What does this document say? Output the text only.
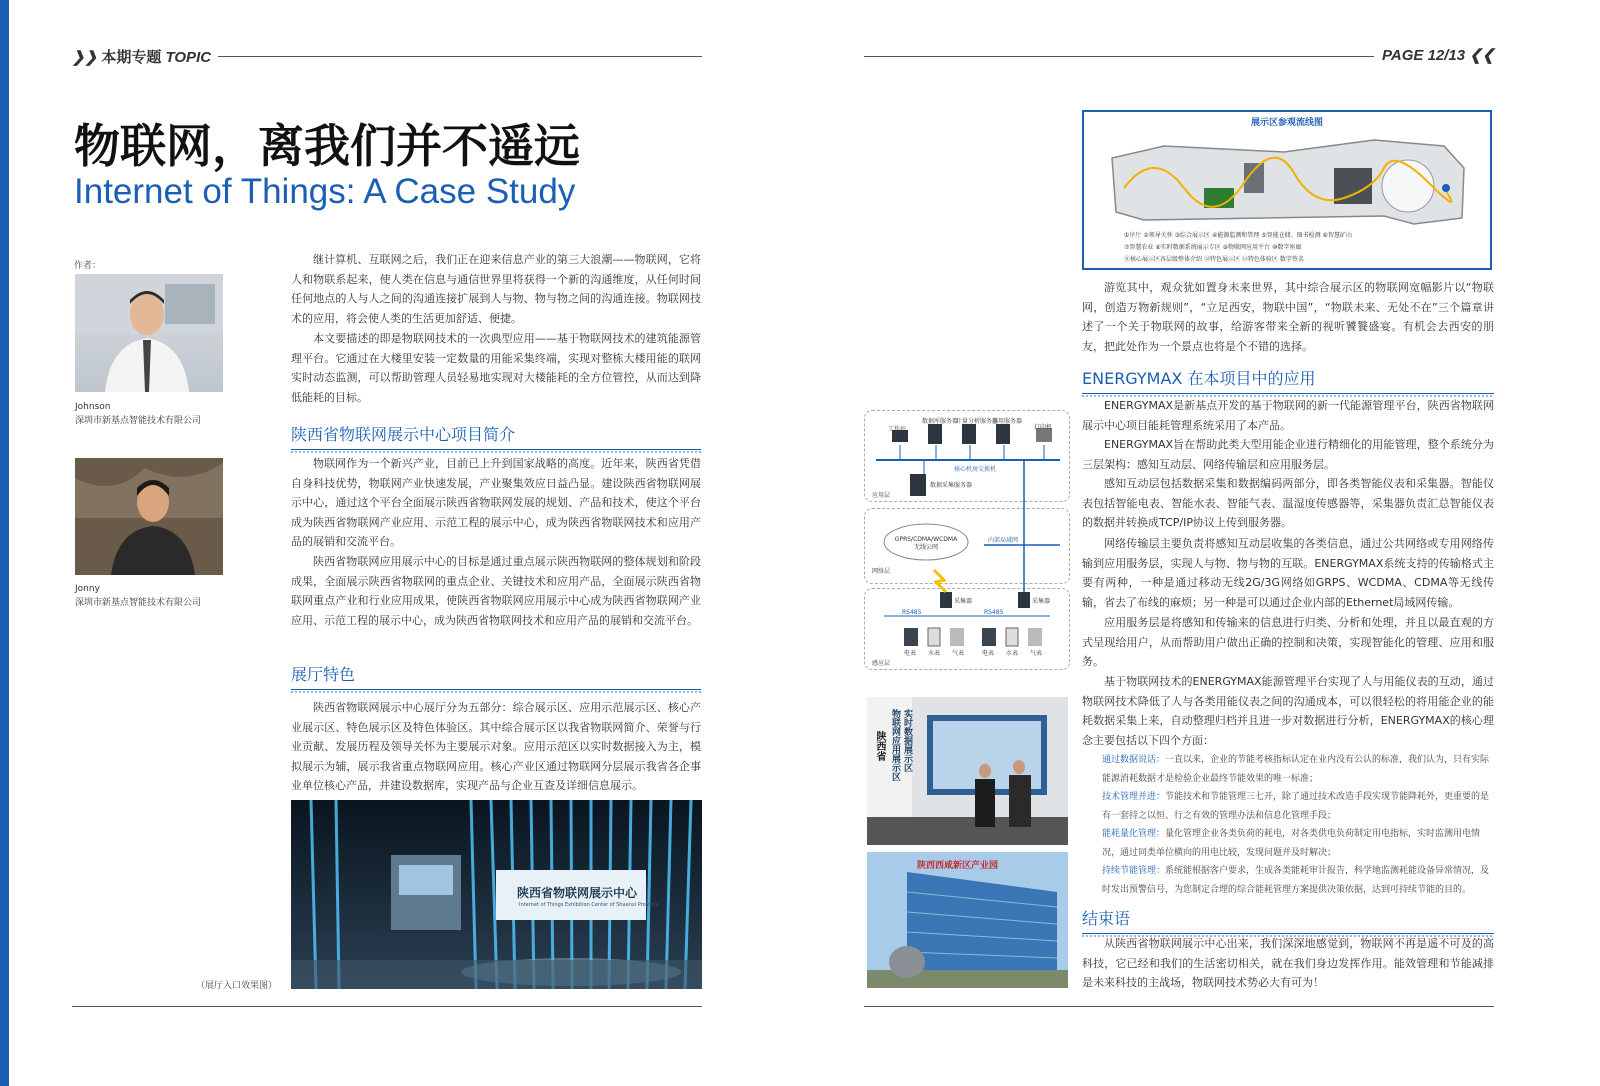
❯❯ 本期专题 TOPIC	PAGE 12/13 ❮❮
物联网，离我们并不遥远
Internet of Things: A Case Study
作者：
Johnson
深圳市新基点智能技术有限公司
Jonny
深圳市新基点智能技术有限公司
继计算机、互联网之后，我们正在迎来信息产业的第三大浪潮——物联网，它将人和物联系起来，使人类在信息与通信世界里将获得一个新的沟通维度，从任何时间任何地点的人与人之间的沟通连接扩展到人与物、物与物之间的沟通连接。物联网技术的应用，将会使人类的生活更加舒适、便捷。
本文要描述的即是物联网技术的一次典型应用——基于物联网技术的建筑能源管理平台。它通过在大楼里安装一定数量的用能采集终端，实现对整栋大楼用能的联网实时动态监测，可以帮助管理人员轻易地实现对大楼能耗的全方位管控，从而达到降低能耗的目标。
陕西省物联网展示中心项目简介
物联网作为一个新兴产业，目前已上升到国家战略的高度。近年来，陕西省凭借自身科技优势，物联网产业快速发展，产业聚集效应日益凸显。建设陕西省物联网展示中心，通过这个平台全面展示陕西省物联网发展的规划、产品和技术，使这个平台成为陕西省物联网产业应用、示范工程的展示中心，成为陕西省物联网技术和应用产品的展销和交流平台。
陕西省物联网应用展示中心的目标是通过重点展示陕西物联网的整体规划和阶段成果，全面展示陕西省物联网的重点企业、关键技术和应用产品，全面展示陕西省物联网重点产业和行业应用成果，使陕西省物联网应用展示中心成为陕西省物联网产业应用、示范工程的展示中心，成为陕西省物联网技术和应用产品的展销和交流平台。
展厅特色
陕西省物联网展示中心展厅分为五部分：综合展示区、应用示范展示区、核心产业展示区、特色展示区及特色体验区。其中综合展示区以我省物联网简介、荣誉与行业贡献、发展历程及领导关怀为主要展示对象。应用示范区以实时数据接入为主，模拟展示为辅，展示我省重点物联网应用。核心产业区通过物联网分层展示我省各企事业单位核心产品，并建设数据库，实现产品与企业互查及详细信息展示。
陕西省物联网展示中心
Internet of Things Exhibition Center of Shaanxi Province
（展厅入口效果图）
展示区参观流线图
①序厅 ②领导关怀 ③综合展示区 ④能源监测和管理 ⑤智能仓储、图书检测 ⑥智慧矿山
⑦智慧农业 ⑧实时数据系统展示专区 ⑨物联网应用平台 ⑩数字座廊
⑪核心展示区各层级整体介绍 ⑫特色展示区 ⑬特色体验区 数字签名
游览其中，观众犹如置身未来世界，其中综合展示区的物联网宽幅影片以“物联网，创造万物新规则”，“立足西安，物联中国”，“物联未来、无处不在”三个篇章讲述了一个关于物联网的故事，给游客带来全新的视听饕餮盛宴。有机会去西安的朋友，把此处作为一个景点也将是个不错的选择。
ENERGYMAX 在本项目中的应用
ENERGYMAX是新基点开发的基于物联网的新一代能源管理平台，陕西省物联网展示中心项目能耗管理系统采用了本产品。
ENERGYMAX旨在帮助此类大型用能企业进行精细化的用能管理，整个系统分为三层架构：感知互动层、网络传输层和应用服务层。
感知互动层包括数据采集和数据编码两部分，即各类智能仪表和采集器。智能仪表包括智能电表、智能水表、智能气表、温湿度传感器等，采集器负责汇总智能仪表的数据并转换成TCP/IP协议上传到服务器。
网络传输层主要负责将感知互动层收集的各类信息，通过公共网络或专用网络传输到应用服务层，实现人与物、物与物的互联。ENERGYMAX系统支持的传输格式主要有两种，一种是通过移动无线2G/3G网络如GRPS、WCDMA、CDMA等无线传输，省去了布线的麻烦；另一种是可以通过企业内部的Ethernet局域网传输。
应用服务层是将感知和传输来的信息进行归类、分析和处理，并且以最直观的方式呈现给用户，从而帮助用户做出正确的控制和决策，实现智能化的管理、应用和服务。
基于物联网技术的ENERGYMAX能源管理平台实现了人与用能仪表的互动，通过物联网技术降低了人与各类用能仪表之间的沟通成本，可以很轻松的将用能企业的能耗数据采集上来，自动整理归档并且进一步对数据进行分析，ENERGYMAX的核心理念主要包括以下四个方面：
通过数据说话：一直以来，企业的节能考核指标认定在业内没有公认的标准，我们认为，只有实际能源消耗数据才是检验企业最终节能效果的唯一标准；
技术管理并进：节能技术和节能管理三七开，除了通过技术改造手段实现节能降耗外，更重要的是有一套持之以恒、行之有效的管理办法和信息化管理手段；
能耗量化管理：量化管理企业各类负荷的耗电，对各类供电负荷制定用电指标，实时监测用电情况，通过同类单位横向的用电比较，发现问题并及时解决；
持续节能管理：系统能根据客户要求，生成各类能耗审计报告，科学地监测耗能设备异常情况，及时发出预警信号，为您制定合理的综合能耗管理方案提供决策依据，达到可持续节能的目的。
结束语
从陕西省物联网展示中心出来，我们深深地感觉到，物联网不再是遥不可及的高科技，它已经和我们的生活密切相关，就在我们身边发挥作用。能效管理和节能减排是未来科技的主战场，物联网技术势必大有可为！
工作站
数据库服务器
计量分析服务器
应用服务器
打印机
核心机房交换机
数据采集服务器
应用层
网络层
感应层
GPRS/CDMA/WCDMA 无线公网
内部局域网
采集器	采集器
RS485	RS485
电表 水表 气表	电表 水表 气表
陕西省 物联网应用展示区 实时数据展示区
陕西西咸新区产业园
